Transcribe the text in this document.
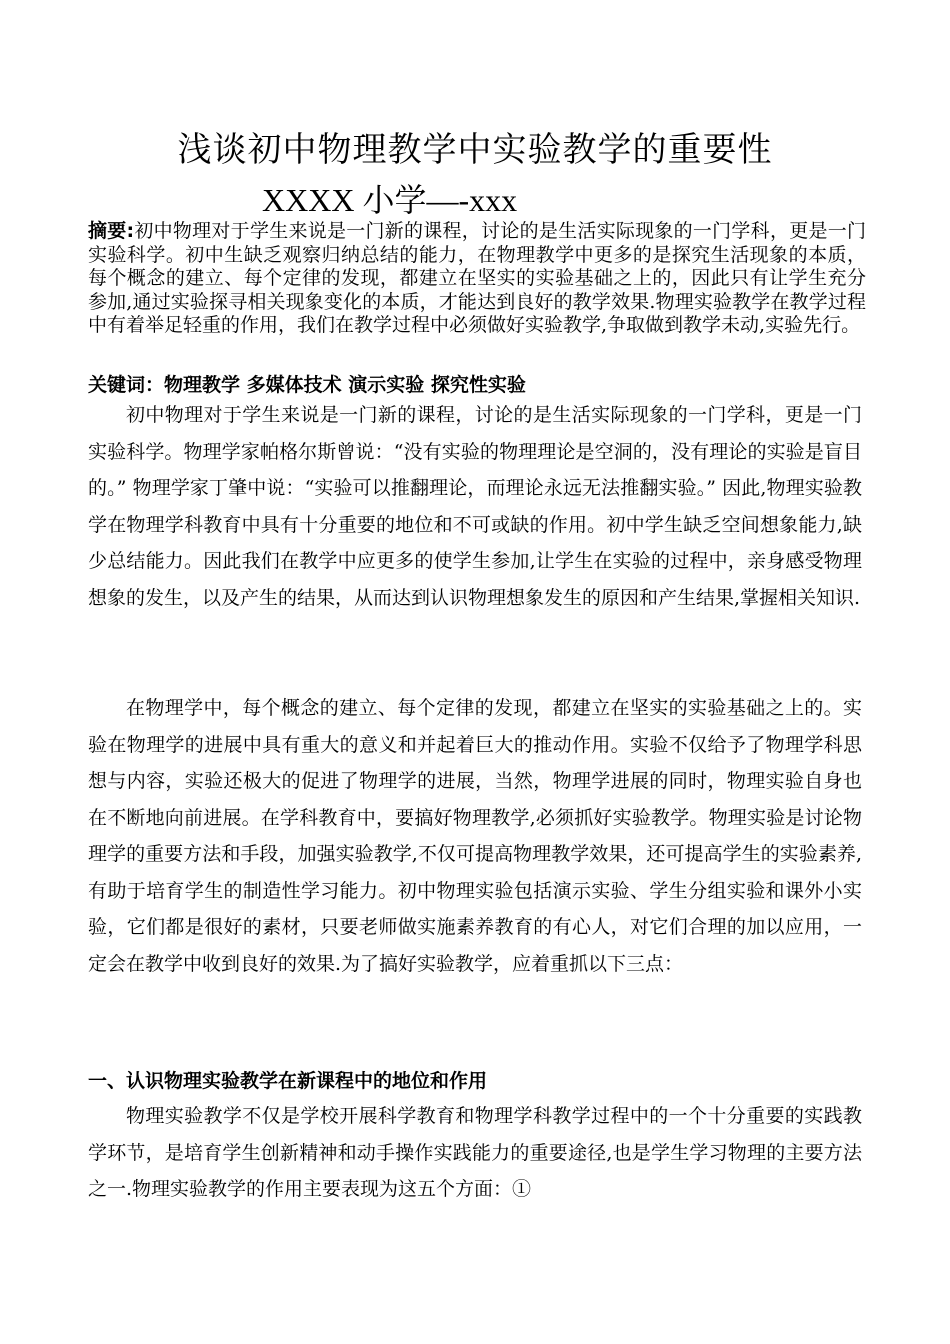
浅谈初中物理教学中实验教学的重要性
XXXX 小学—-xxx
摘要:初中物理对于学生来说是一门新的课程，讨论的是生活实际现象的一门学科，更是一门实验科学。初中生缺乏观察归纳总结的能力，在物理教学中更多的是探究生活现象的本质，每个概念的建立、每个定律的发现，都建立在坚实的实验基础之上的，因此只有让学生充分参加,通过实验探寻相关现象变化的本质，才能达到良好的教学效果.物理实验教学在教学过程中有着举足轻重的作用，我们在教学过程中必须做好实验教学,争取做到教学未动,实验先行。
关键词：物理教学 多媒体技术 演示实验 探究性实验

初中物理对于学生来说是一门新的课程，讨论的是生活实际现象的一门学科，更是一门实验科学。物理学家帕格尔斯曾说：“没有实验的物理理论是空洞的，没有理论的实验是盲目的。” 物理学家丁肇中说：“实验可以推翻理论，而理论永远无法推翻实验。” 因此,物理实验教学在物理学科教育中具有十分重要的地位和不可或缺的作用。初中学生缺乏空间想象能力,缺少总结能力。因此我们在教学中应更多的使学生参加,让学生在实验的过程中，亲身感受物理想象的发生，以及产生的结果，从而达到认识物理想象发生的原因和产生结果,掌握相关知识.

在物理学中，每个概念的建立、每个定律的发现，都建立在坚实的实验基础之上的。实验在物理学的进展中具有重大的意义和并起着巨大的推动作用。实验不仅给予了物理学科思想与内容，实验还极大的促进了物理学的进展，当然，物理学进展的同时，物理实验自身也在不断地向前进展。在学科教育中，要搞好物理教学,必须抓好实验教学。物理实验是讨论物理学的重要方法和手段，加强实验教学,不仅可提高物理教学效果，还可提高学生的实验素养,有助于培育学生的制造性学习能力。初中物理实验包括演示实验、学生分组实验和课外小实验，它们都是很好的素材，只要老师做实施素养教育的有心人，对它们合理的加以应用，一定会在教学中收到良好的效果.为了搞好实验教学，应着重抓以下三点：

一、认识物理实验教学在新课程中的地位和作用

物理实验教学不仅是学校开展科学教育和物理学科教学过程中的一个十分重要的实践教学环节，是培育学生创新精神和动手操作实践能力的重要途径,也是学生学习物理的主要方法之一.物理实验教学的作用主要表现为这五个方面：①
